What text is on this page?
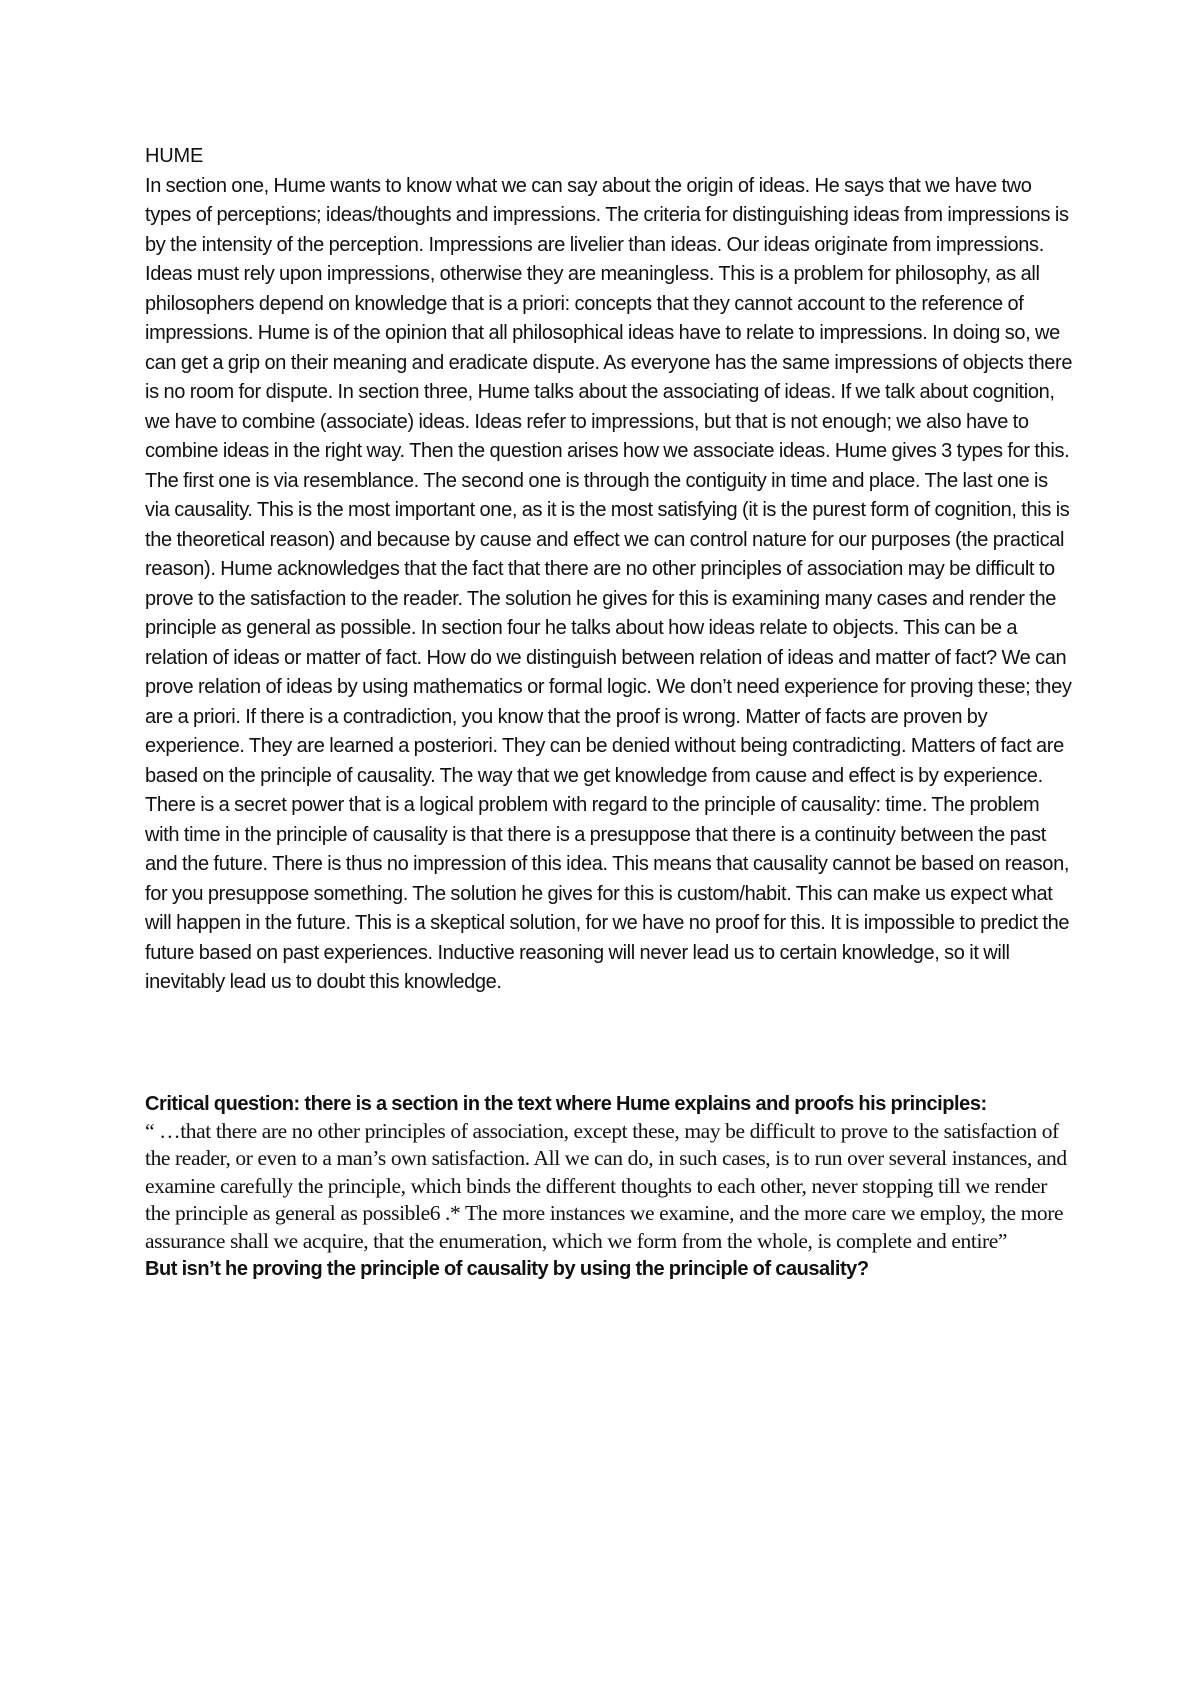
HUME

In section one, Hume wants to know what we can say about the origin of ideas. He says that we have two types of perceptions; ideas/thoughts and impressions. The criteria for distinguishing ideas from impressions is by the intensity of the perception. Impressions are livelier than ideas. Our ideas originate from impressions. Ideas must rely upon impressions, otherwise they are meaningless. This is a problem for philosophy, as all philosophers depend on knowledge that is a priori: concepts that they cannot account to the reference of impressions. Hume is of the opinion that all philosophical ideas have to relate to impressions. In doing so, we can get a grip on their meaning and eradicate dispute. As everyone has the same impressions of objects there is no room for dispute. In section three, Hume talks about the associating of ideas. If we talk about cognition, we have to combine (associate) ideas. Ideas refer to impressions, but that is not enough; we also have to combine ideas in the right way. Then the question arises how we associate ideas. Hume gives 3 types for this. The first one is via resemblance. The second one is through the contiguity in time and place. The last one is via causality. This is the most important one, as it is the most satisfying (it is the purest form of cognition, this is the theoretical reason) and because by cause and effect we can control nature for our purposes (the practical reason). Hume acknowledges that the fact that there are no other principles of association may be difficult to prove to the satisfaction to the reader. The solution he gives for this is examining many cases and render the principle as general as possible. In section four he talks about how ideas relate to objects. This can be a relation of ideas or matter of fact. How do we distinguish between relation of ideas and matter of fact? We can prove relation of ideas by using mathematics or formal logic. We don’t need experience for proving these; they are a priori. If there is a contradiction, you know that the proof is wrong. Matter of facts are proven by experience. They are learned a posteriori. They can be denied without being contradicting. Matters of fact are based on the principle of causality. The way that we get knowledge from cause and effect is by experience. There is a secret power that is a logical problem with regard to the principle of causality: time. The problem with time in the principle of causality is that there is a presuppose that there is a continuity between the past and the future. There is thus no impression of this idea. This means that causality cannot be based on reason, for you presuppose something. The solution he gives for this is custom/habit. This can make us expect what will happen in the future. This is a skeptical solution, for we have no proof for this. It is impossible to predict the future based on past experiences. Inductive reasoning will never lead us to certain knowledge, so it will inevitably lead us to doubt this knowledge.

Critical question: there is a section in the text where Hume explains and proofs his principles:

“ …that there are no other principles of association, except these, may be difficult to prove to the satisfaction of the reader, or even to a man’s own satisfaction. All we can do, in such cases, is to run over several instances, and examine carefully the principle, which binds the different thoughts to each other, never stopping till we render the principle as general as possible6 .* The more instances we examine, and the more care we employ, the more assurance shall we acquire, that the enumeration, which we form from the whole, is complete and entire”

But isn’t he proving the principle of causality by using the principle of causality?
